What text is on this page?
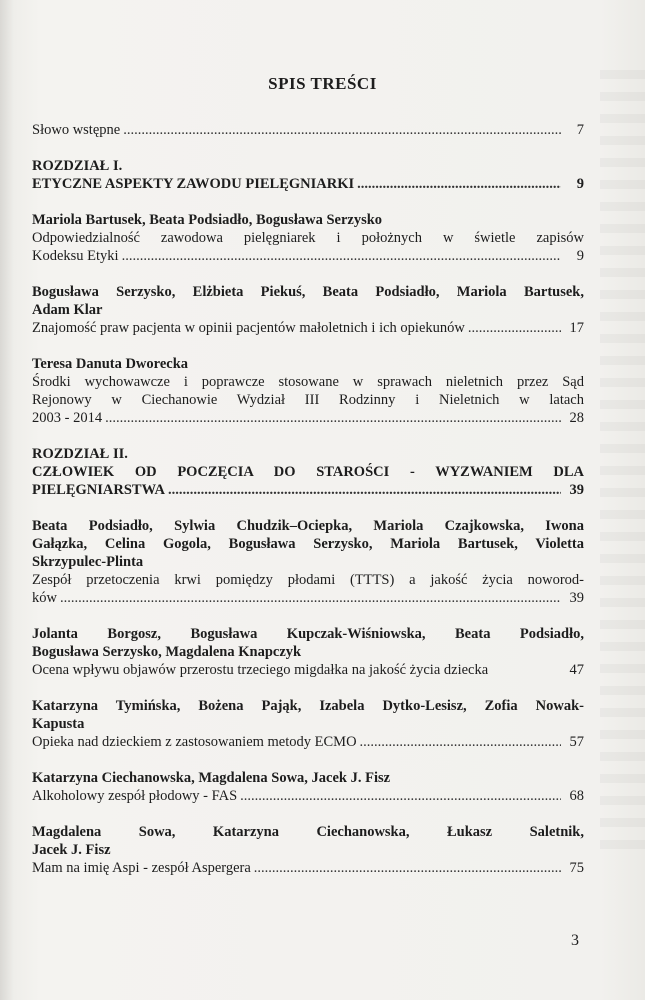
SPIS TREŚCI
Słowo wstępne .....	7
ROZDZIAŁ I.
ETYCZNE ASPEKTY ZAWODU PIELĘGNIARKI .....	9
Mariola Bartusek, Beata Podsiadło, Bogusława Serzysko
Odpowiedzialność zawodowa pielęgniarek i położnych w świetle zapisów
Kodeksu Etyki .....	9
Bogusława Serzysko, Elżbieta Piekuś, Beata Podsiadło, Mariola Bartusek,
Adam Klar
Znajomość praw pacjenta w opinii pacjentów małoletnich i ich opiekunów .....	17
Teresa Danuta Dworecka
Środki wychowawcze i poprawcze stosowane w sprawach nieletnich przez Sąd
Rejonowy w Ciechanowie Wydział III Rodzinny i Nieletnich w latach
2003 - 2014 .....	28
ROZDZIAŁ II.
CZŁOWIEK OD POCZĘCIA DO STAROŚCI - WYZWANIEM DLA
PIELĘGNIARSTWA .....	39
Beata Podsiadło, Sylwia Chudzik–Ociepka, Mariola Czajkowska, Iwona
Gałązka, Celina Gogola, Bogusława Serzysko, Mariola Bartusek, Violetta
Skrzypulec-Plinta
Zespół przetoczenia krwi pomiędzy płodami (TTTS) a jakość życia noworod-
ków .....	39
Jolanta Borgosz, Bogusława Kupczak-Wiśniowska, Beata Podsiadło,
Bogusława Serzysko, Magdalena Knapczyk
Ocena wpływu objawów przerostu trzeciego migdałka na jakość życia dziecka	47
Katarzyna Tymińska, Bożena Pająk, Izabela Dytko-Lesisz, Zofia Nowak-
Kapusta
Opieka nad dzieckiem z zastosowaniem metody ECMO .....	57
Katarzyna Ciechanowska, Magdalena Sowa, Jacek J. Fisz
Alkoholowy zespół płodowy - FAS .....	68
Magdalena Sowa, Katarzyna Ciechanowska, Łukasz Saletnik,
Jacek J. Fisz
Mam na imię Aspi - zespół Aspergera .....	75
3
